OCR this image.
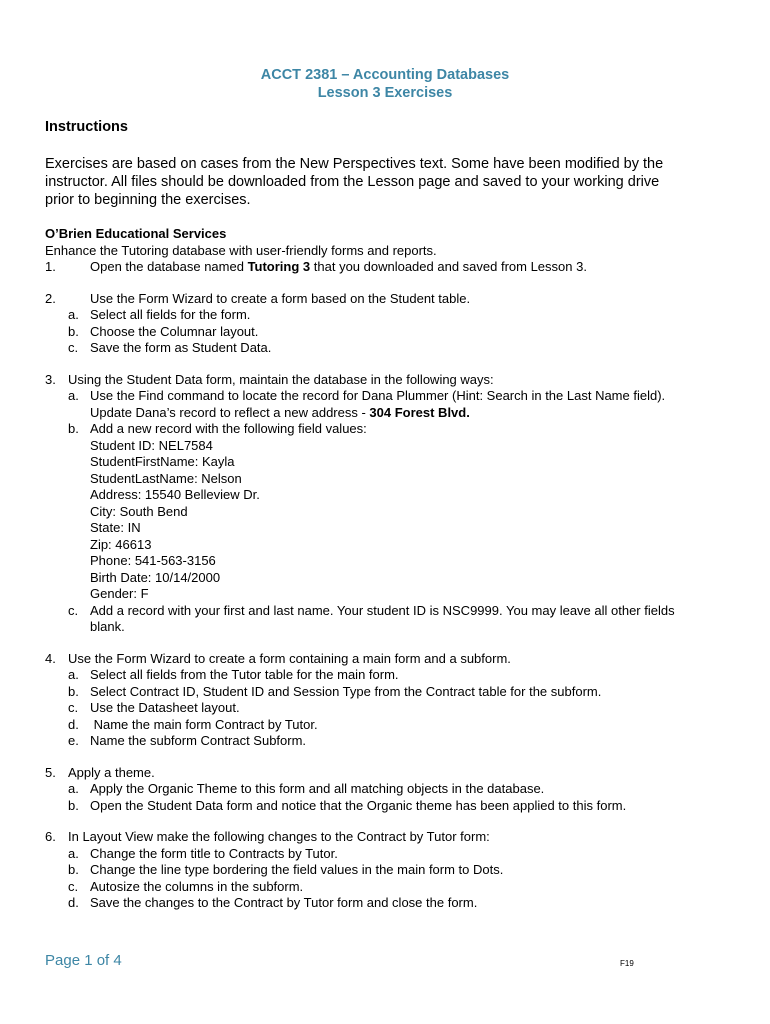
ACCT 2381 – Accounting Databases
Lesson 3 Exercises
Instructions
Exercises are based on cases from the New Perspectives text. Some have been modified by the
instructor. All files should be downloaded from the Lesson page and saved to your working drive
prior to beginning the exercises.
O’Brien Educational Services
Enhance the Tutoring database with user-friendly forms and reports.
1.	Open the database named Tutoring 3 that you downloaded and saved from Lesson 3.
2.	Use the Form Wizard to create a form based on the Student table.
a. Select all fields for the form.
b. Choose the Columnar layout.
c. Save the form as Student Data.
3. Using the Student Data form, maintain the database in the following ways:
a. Use the Find command to locate the record for Dana Plummer (Hint: Search in the Last Name field).
Update Dana’s record to reflect a new address - 304 Forest Blvd.
b. Add a new record with the following field values:
Student ID: NEL7584
StudentFirstName: Kayla
StudentLastName: Nelson
Address: 15540 Belleview Dr.
City: South Bend
State: IN
Zip: 46613
Phone: 541-563-3156
Birth Date: 10/14/2000
Gender: F
c. Add a record with your first and last name. Your student ID is NSC9999. You may leave all other fields
blank.
4. Use the Form Wizard to create a form containing a main form and a subform.
a. Select all fields from the Tutor table for the main form.
b. Select Contract ID, Student ID and Session Type from the Contract table for the subform.
c. Use the Datasheet layout.
d. Name the main form Contract by Tutor.
e. Name the subform Contract Subform.
5. Apply a theme.
a. Apply the Organic Theme to this form and all matching objects in the database.
b. Open the Student Data form and notice that the Organic theme has been applied to this form.
6. In Layout View make the following changes to the Contract by Tutor form:
a. Change the form title to Contracts by Tutor.
b. Change the line type bordering the field values in the main form to Dots.
c. Autosize the columns in the subform.
d. Save the changes to the Contract by Tutor form and close the form.
Page 1 of 4	F19
